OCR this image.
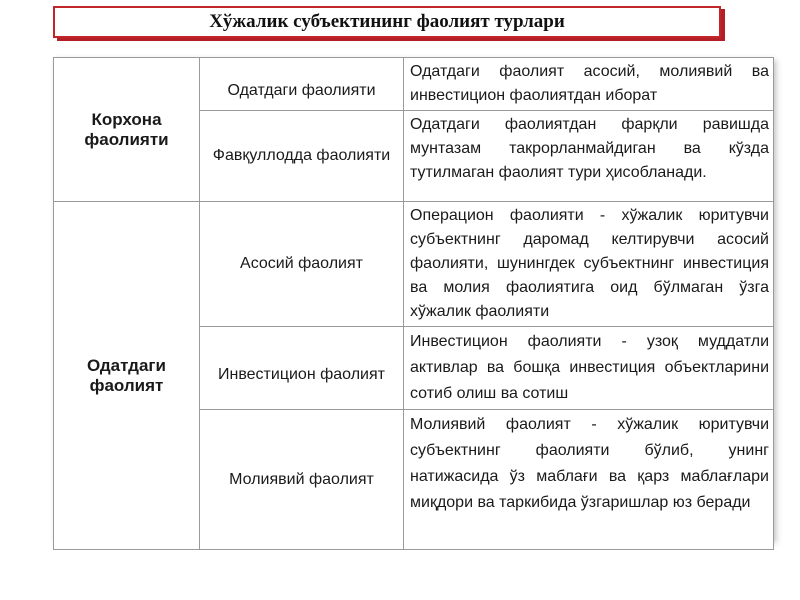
Хўжалик субъектининг фаолият турлари
Корхона фаолияти	Одатдаги фаолияти	Одатдаги фаолият асосий, молиявий ва инвестицион фаолиятдан иборат
	Фавқуллодда фаолияти	Одатдаги фаолиятдан фарқли равишда мунтазам такрорланмайдиган ва кўзда тутилмаган фаолият тури ҳисобланади.
Одатдаги фаолият	Асосий фаолият	Операцион фаолияти - хўжалик юритувчи субъектнинг даромад келтирувчи асосий фаолияти, шунингдек субъектнинг инвестиция ва молия фаолиятига оид бўлмаган ўзга хўжалик фаолияти
	Инвестицион фаолият	Инвестицион фаолияти - узоқ муддатли активлар ва бошқа инвестиция объектларини сотиб олиш ва сотиш
	Молиявий фаолият	Молиявий фаолият - хўжалик юритувчи субъектнинг фаолияти бўлиб, унинг натижасида ўз маблағи ва қарз маблағлари миқдори ва таркибида ўзгаришлар юз беради
